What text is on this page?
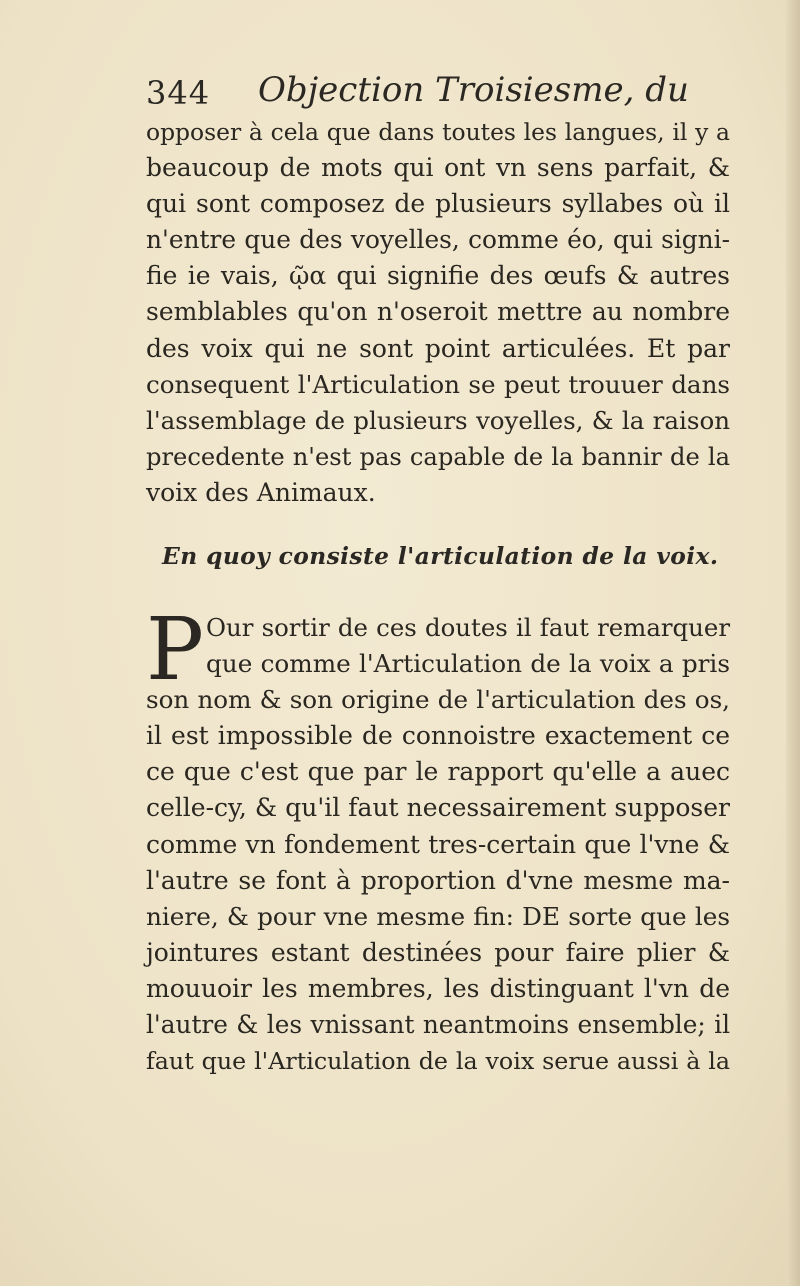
344 Objection Troisiesme, du
opposer à cela que dans toutes les langues, il y a
beaucoup de mots qui ont vn sens parfait, &
qui sont composez de plusieurs syllabes où il
n'entre que des voyelles, comme éo, qui signi-
fie ie vais, ῷα qui signifie des œufs & autres
semblables qu'on n'oseroit mettre au nombre
des voix qui ne sont point articulées. Et par
consequent l'Articulation se peut trouuer dans
l'assemblage de plusieurs voyelles, & la raison
precedente n'est pas capable de la bannir de la
voix des Animaux.
En quoy consiste l'articulation de la voix.
P Our sortir de ces doutes il faut remarquer
que comme l'Articulation de la voix a pris
son nom & son origine de l'articulation des os,
il est impossible de connoistre exactement ce
ce que c'est que par le rapport qu'elle a auec
celle-cy, & qu'il faut necessairement supposer
comme vn fondement tres-certain que l'vne &
l'autre se font à proportion d'vne mesme ma-
niere, & pour vne mesme fin: DE sorte que les
jointures estant destinées pour faire plier &
mouuoir les membres, les distinguant l'vn de
l'autre & les vnissant neantmoins ensemble; il
faut que l'Articulation de la voix serue aussi à la
